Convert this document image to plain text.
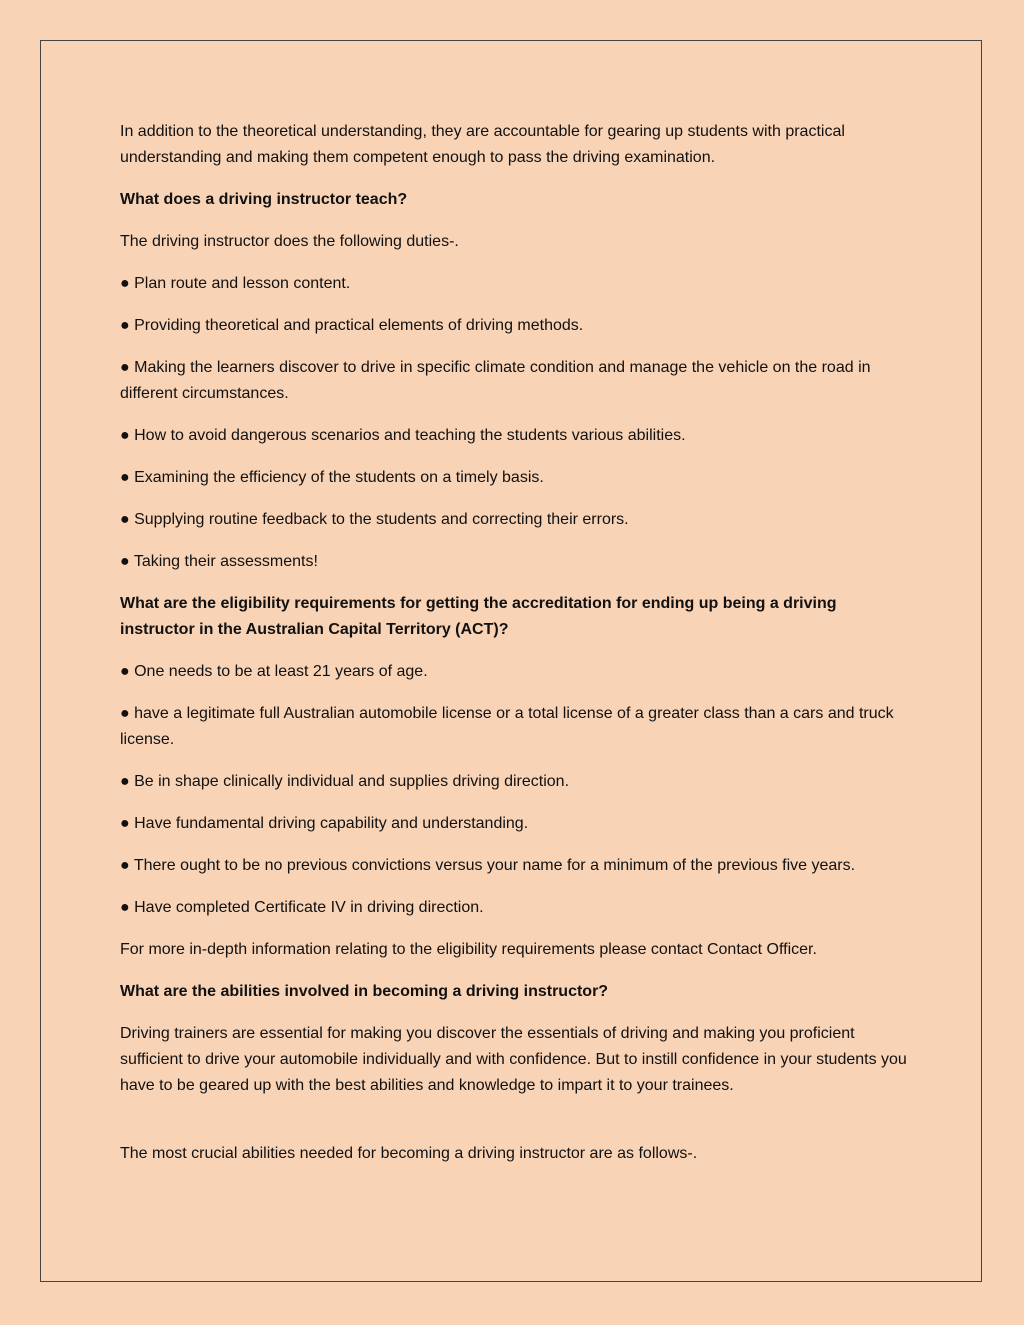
In addition to the theoretical understanding, they are accountable for gearing up students with practical understanding and making them competent enough to pass the driving examination.

What does a driving instructor teach?

The driving instructor does the following duties-.

● Plan route and lesson content.

● Providing theoretical and practical elements of driving methods.

● Making the learners discover to drive in specific climate condition and manage the vehicle on the road in different circumstances.

● How to avoid dangerous scenarios and teaching the students various abilities.

● Examining the efficiency of the students on a timely basis.

● Supplying routine feedback to the students and correcting their errors.

● Taking their assessments!

What are the eligibility requirements for getting the accreditation for ending up being a driving instructor in the Australian Capital Territory (ACT)?

● One needs to be at least 21 years of age.

● have a legitimate full Australian automobile license or a total license of a greater class than a cars and truck license.

● Be in shape clinically individual and supplies driving direction.

● Have fundamental driving capability and understanding.

● There ought to be no previous convictions versus your name for a minimum of the previous five years.

● Have completed Certificate IV in driving direction.

For more in-depth information relating to the eligibility requirements please contact Contact Officer.

What are the abilities involved in becoming a driving instructor?

Driving trainers are essential for making you discover the essentials of driving and making you proficient sufficient to drive your automobile individually and with confidence. But to instill confidence in your students you have to be geared up with the best abilities and knowledge to impart it to your trainees.

The most crucial abilities needed for becoming a driving instructor are as follows-.
